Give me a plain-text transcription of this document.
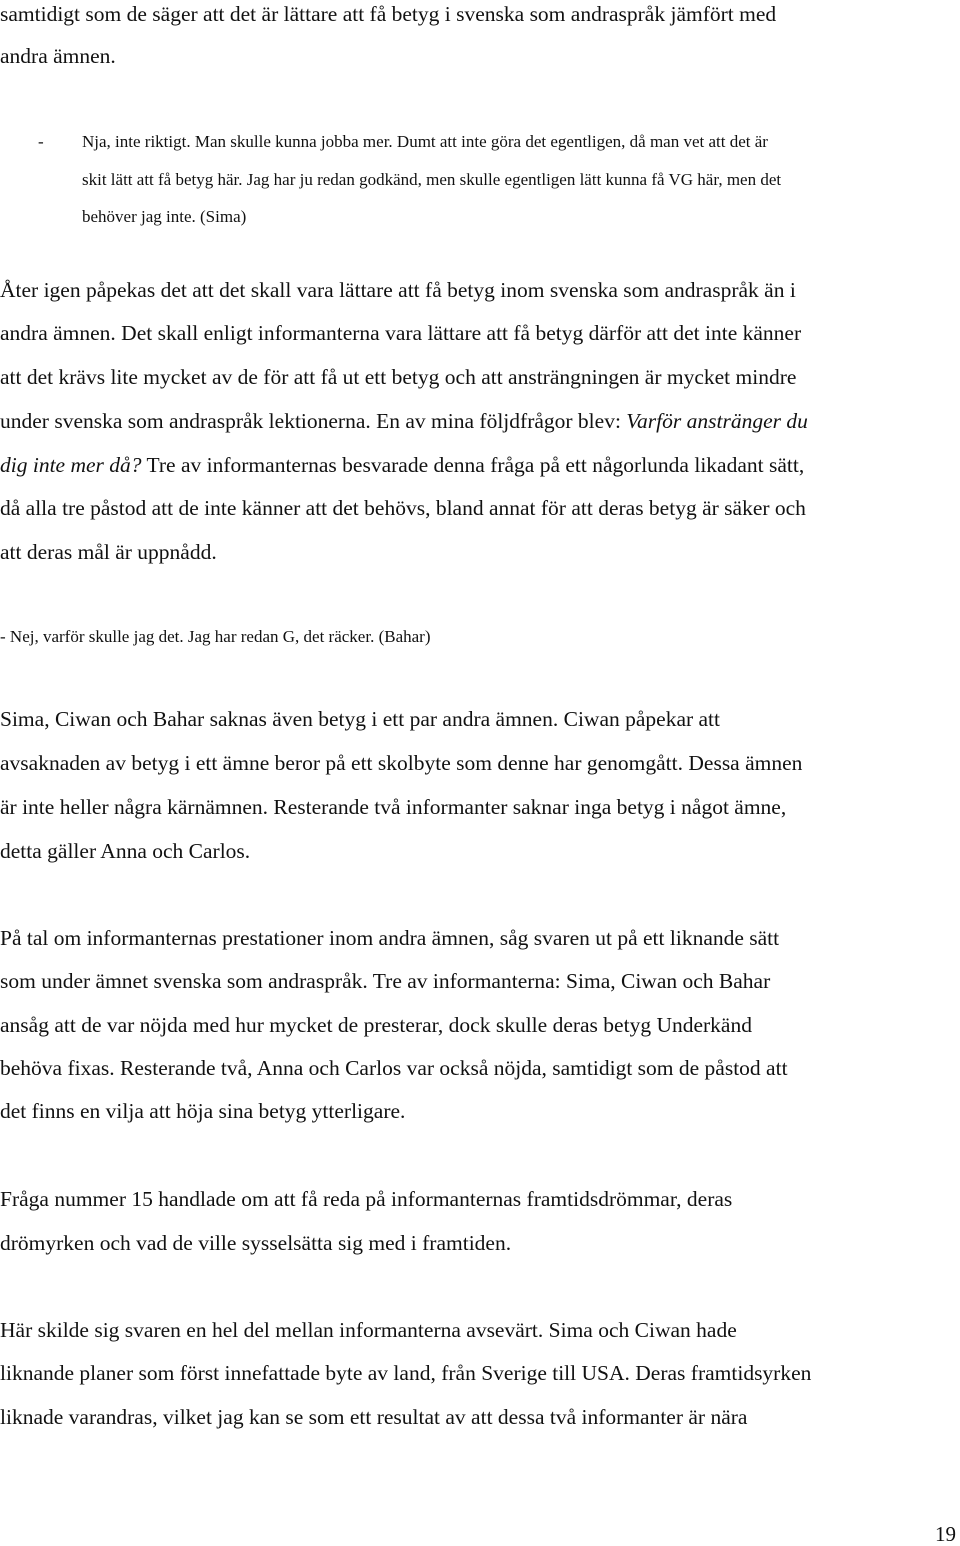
samtidigt som de säger att det är lättare att få betyg i svenska som andraspråk jämfört med

andra ämnen.

- Nja, inte riktigt. Man skulle kunna jobba mer. Dumt att inte göra det egentligen, då man vet att det är

skit lätt att få betyg här. Jag har ju redan godkänd, men skulle egentligen lätt kunna få VG här, men det

behöver jag inte. (Sima)

Åter igen påpekas det att det skall vara lättare att få betyg inom svenska som andraspråk än i

andra ämnen. Det skall enligt informanterna vara lättare att få betyg därför att det inte känner

att det krävs lite mycket av de för att få ut ett betyg och att ansträngningen är mycket mindre

under svenska som andraspråk lektionerna. En av mina följdfrågor blev: Varför anstränger du

dig inte mer då? Tre av informanternas besvarade denna fråga på ett någorlunda likadant sätt,

då alla tre påstod att de inte känner att det behövs, bland annat för att deras betyg är säker och

att deras mål är uppnådd.

- Nej, varför skulle jag det. Jag har redan G, det räcker. (Bahar)

Sima, Ciwan och Bahar saknas även betyg i ett par andra ämnen. Ciwan påpekar att

avsaknaden av betyg i ett ämne beror på ett skolbyte som denne har genomgått. Dessa ämnen

är inte heller några kärnämnen. Resterande två informanter saknar inga betyg i något ämne,

detta gäller Anna och Carlos.

På tal om informanternas prestationer inom andra ämnen, såg svaren ut på ett liknande sätt

som under ämnet svenska som andraspråk. Tre av informanterna: Sima, Ciwan och Bahar

ansåg att de var nöjda med hur mycket de presterar, dock skulle deras betyg Underkänd

behöva fixas. Resterande två, Anna och Carlos var också nöjda, samtidigt som de påstod att

det finns en vilja att höja sina betyg ytterligare.

Fråga nummer 15 handlade om att få reda på informanternas framtidsdrömmar, deras

drömyrken och vad de ville sysselsätta sig med i framtiden.

Här skilde sig svaren en hel del mellan informanterna avsevärt. Sima och Ciwan hade

liknande planer som först innefattade byte av land, från Sverige till USA. Deras framtidsyrken

liknade varandras, vilket jag kan se som ett resultat av att dessa två informanter är nära

19
